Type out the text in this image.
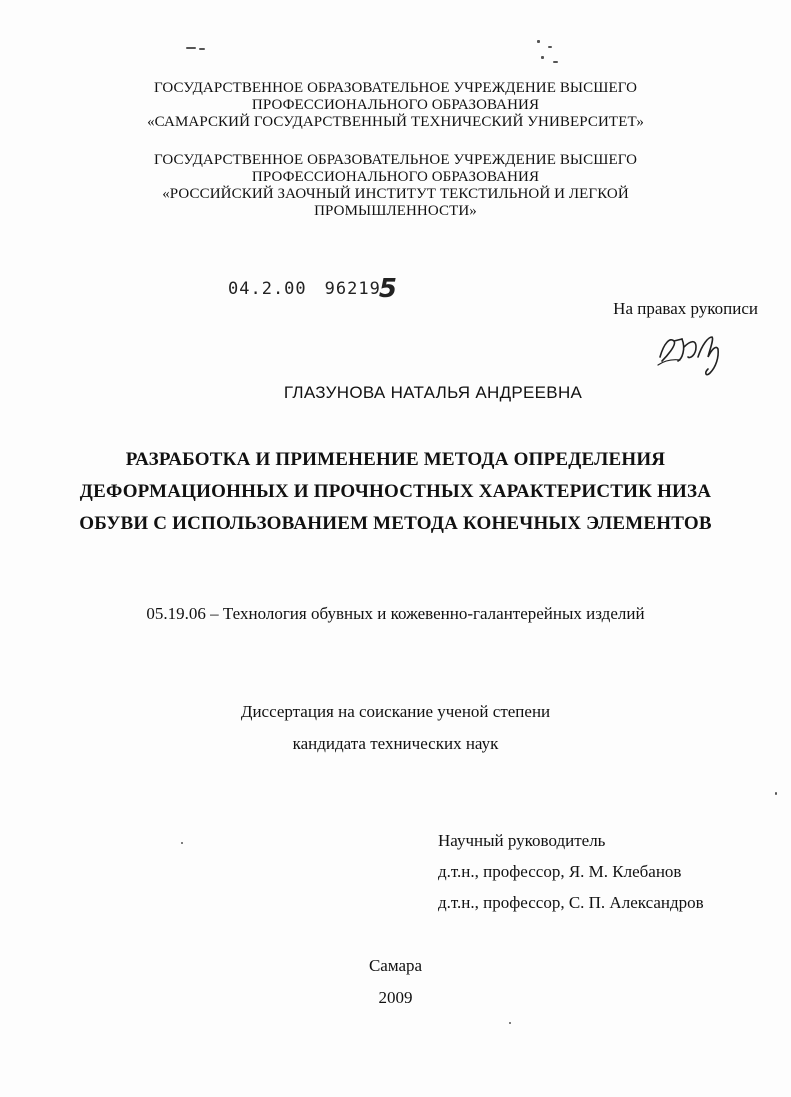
ГОСУДАРСТВЕННОЕ ОБРАЗОВАТЕЛЬНОЕ УЧРЕЖДЕНИЕ ВЫСШЕГО
ПРОФЕССИОНАЛЬНОГО ОБРАЗОВАНИЯ
«САМАРСКИЙ ГОСУДАРСТВЕННЫЙ ТЕХНИЧЕСКИЙ УНИВЕРСИТЕТ»
ГОСУДАРСТВЕННОЕ ОБРАЗОВАТЕЛЬНОЕ УЧРЕЖДЕНИЕ ВЫСШЕГО
ПРОФЕССИОНАЛЬНОГО ОБРАЗОВАНИЯ
«РОССИЙСКИЙ ЗАОЧНЫЙ ИНСТИТУТ ТЕКСТИЛЬНОЙ И ЛЕГКОЙ
ПРОМЫШЛЕННОСТИ»
04.2.00 962195
На правах рукописи
ГЛАЗУНОВА НАТАЛЬЯ АНДРЕЕВНА
РАЗРАБОТКА И ПРИМЕНЕНИЕ МЕТОДА ОПРЕДЕЛЕНИЯ
ДЕФОРМАЦИОННЫХ И ПРОЧНОСТНЫХ ХАРАКТЕРИСТИК НИЗА
ОБУВИ С ИСПОЛЬЗОВАНИЕМ МЕТОДА КОНЕЧНЫХ ЭЛЕМЕНТОВ
05.19.06 – Технология обувных и кожевенно-галантерейных изделий
Диссертация на соискание ученой степени
кандидата технических наук
Научный руководитель
д.т.н., профессор, Я. М. Клебанов
д.т.н., профессор, С. П. Александров
Самара
2009
